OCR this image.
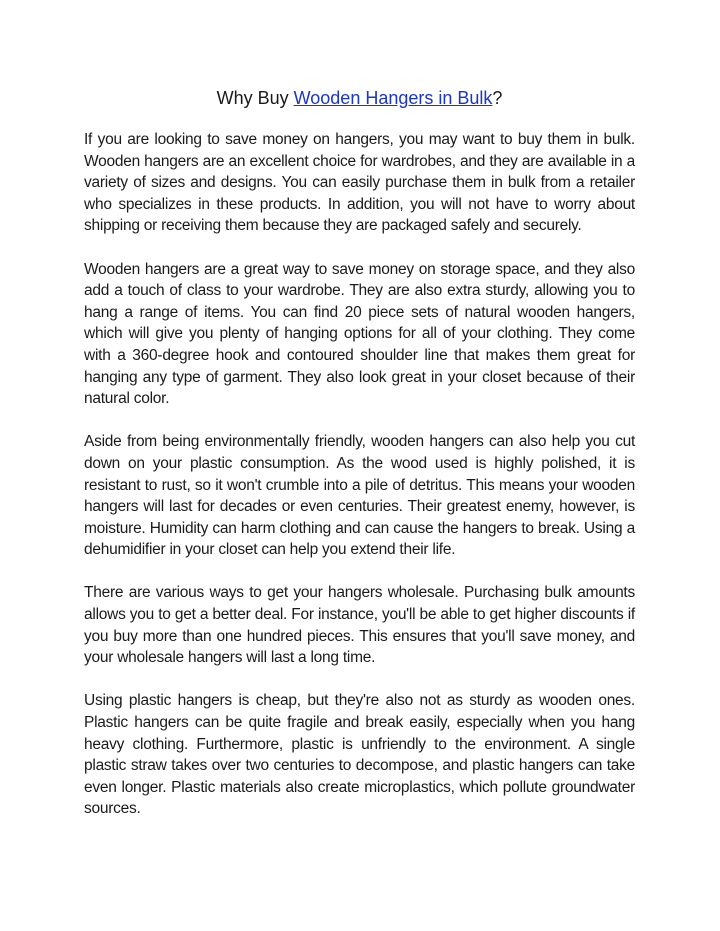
Why Buy Wooden Hangers in Bulk?

If you are looking to save money on hangers, you may want to buy them in bulk. Wooden hangers are an excellent choice for wardrobes, and they are available in a variety of sizes and designs. You can easily purchase them in bulk from a retailer who specializes in these products. In addition, you will not have to worry about shipping or receiving them because they are packaged safely and securely.

Wooden hangers are a great way to save money on storage space, and they also add a touch of class to your wardrobe. They are also extra sturdy, allowing you to hang a range of items. You can find 20 piece sets of natural wooden hangers, which will give you plenty of hanging options for all of your clothing. They come with a 360-degree hook and contoured shoulder line that makes them great for hanging any type of garment. They also look great in your closet because of their natural color.

Aside from being environmentally friendly, wooden hangers can also help you cut down on your plastic consumption. As the wood used is highly polished, it is resistant to rust, so it won't crumble into a pile of detritus. This means your wooden hangers will last for decades or even centuries. Their greatest enemy, however, is moisture. Humidity can harm clothing and can cause the hangers to break. Using a dehumidifier in your closet can help you extend their life.

There are various ways to get your hangers wholesale. Purchasing bulk amounts allows you to get a better deal. For instance, you'll be able to get higher discounts if you buy more than one hundred pieces. This ensures that you'll save money, and your wholesale hangers will last a long time.

Using plastic hangers is cheap, but they're also not as sturdy as wooden ones. Plastic hangers can be quite fragile and break easily, especially when you hang heavy clothing. Furthermore, plastic is unfriendly to the environment. A single plastic straw takes over two centuries to decompose, and plastic hangers can take even longer. Plastic materials also create microplastics, which pollute groundwater sources.
